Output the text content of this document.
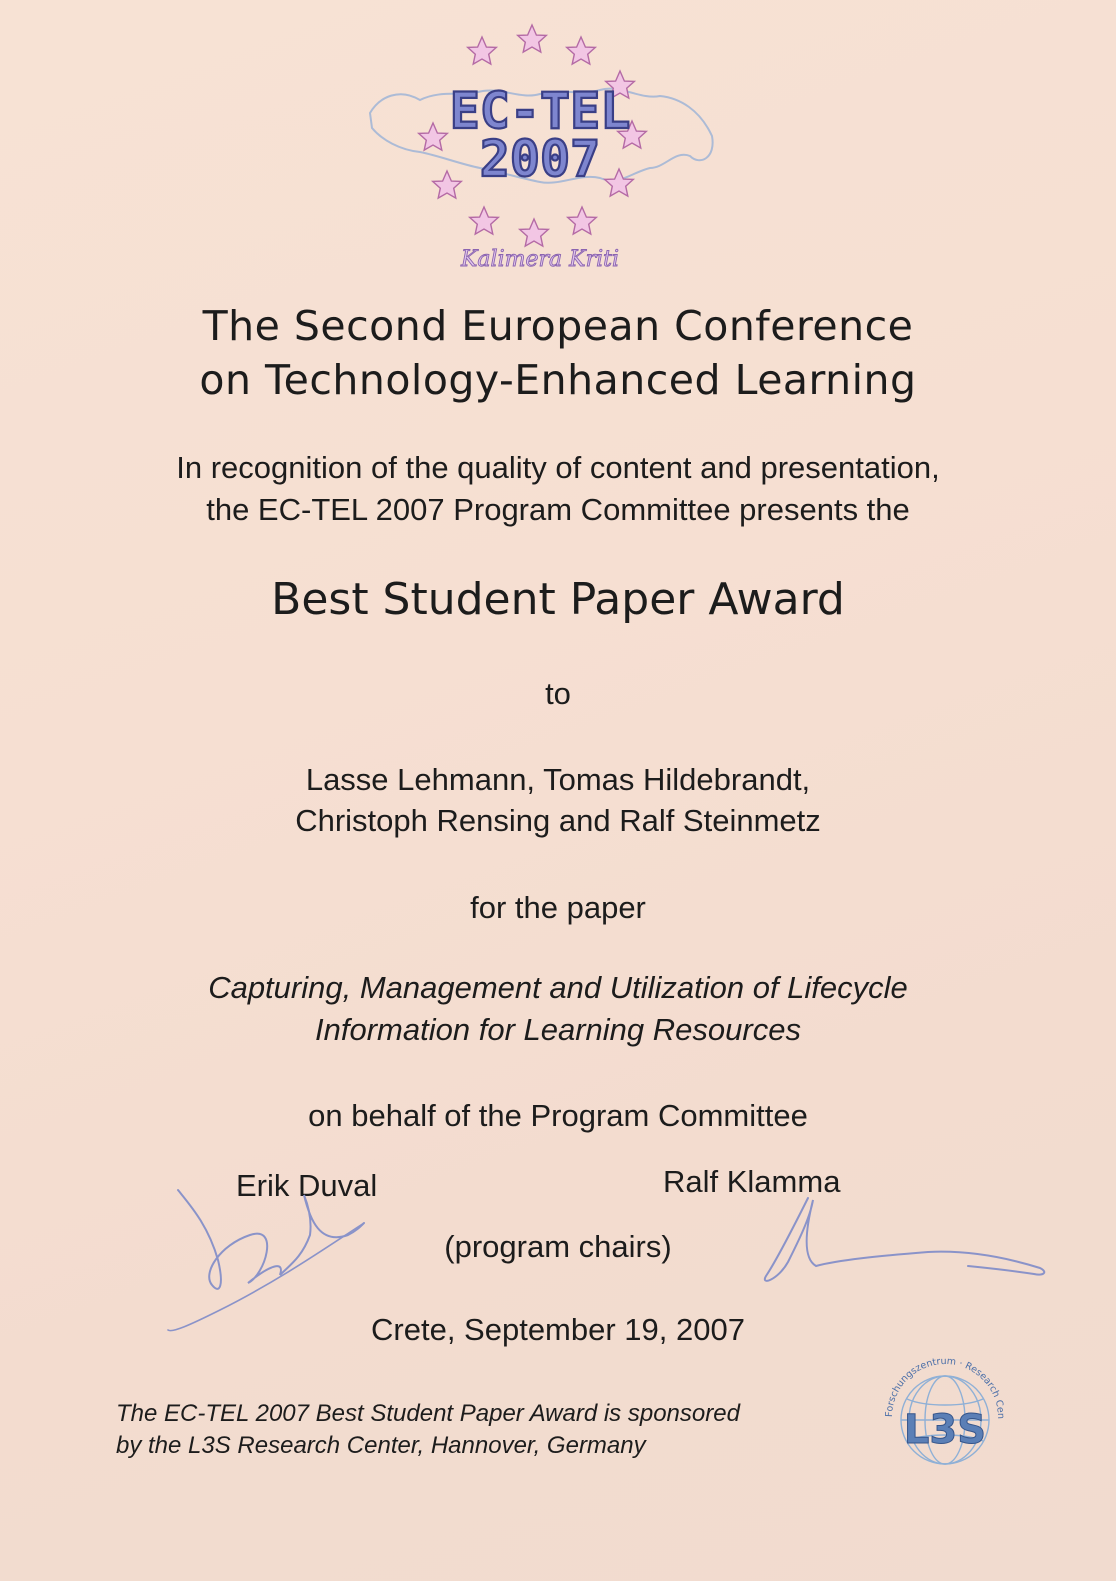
EC-TEL
2007
Kalimera Kriti
The Second European Conference
on Technology-Enhanced Learning
In recognition of the quality of content and presentation,
the EC-TEL 2007 Program Committee presents the
Best Student Paper Award
to
Lasse Lehmann, Tomas Hildebrandt,
Christoph Rensing and Ralf Steinmetz
for the paper
Capturing, Management and Utilization of Lifecycle
Information for Learning Resources
on behalf of the Program Committee
Erik Duval	Ralf Klamma
(program chairs)
Crete, September 19, 2007
The EC-TEL 2007 Best Student Paper Award is sponsored
by the L3S Research Center, Hannover, Germany
Forschungszentrum · Research Center
L3S
